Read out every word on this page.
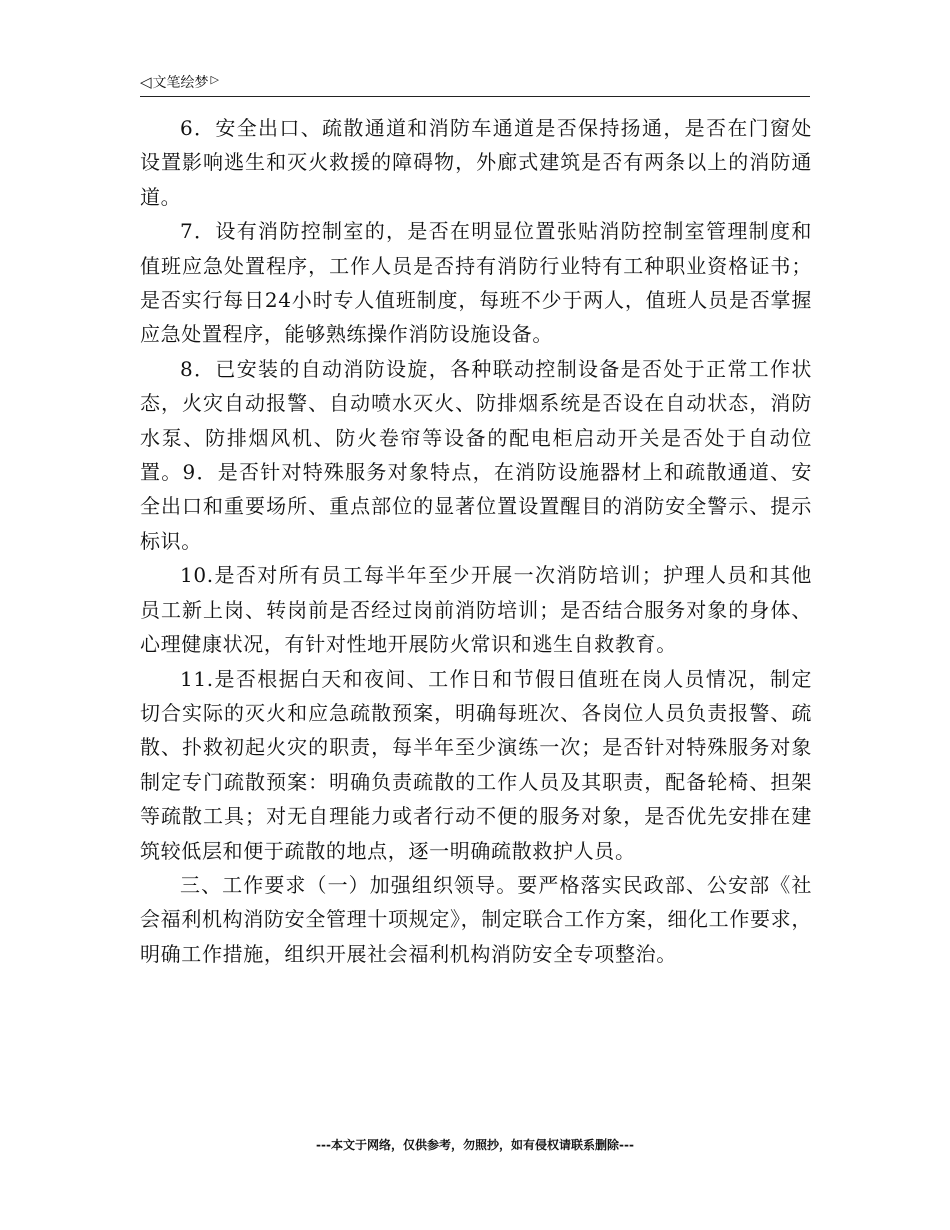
◁ 文笔绘梦 ▷

6．安全出口、疏散通道和消防车通道是否保持扬通，是否在门窗处设置影响逃生和灭火救援的障碍物，外廊式建筑是否有两条以上的消防通道。

7．设有消防控制室的，是否在明显位置张贴消防控制室管理制度和值班应急处置程序，工作人员是否持有消防行业特有工种职业资格证书；是否实行每日24小时专人值班制度，每班不少于两人，值班人员是否掌握应急处置程序，能够熟练操作消防设施设备。

8．已安装的自动消防设旋，各种联动控制设备是否处于正常工作状态，火灾自动报警、自动喷水灭火、防排烟系统是否设在自动状态，消防水泵、防排烟风机、防火卷帘等设备的配电柜启动开关是否处于自动位置。9．是否针对特殊服务对象特点，在消防设施器材上和疏散通道、安全出口和重要场所、重点部位的显著位置设置醒目的消防安全警示、提示标识。

10.是否对所有员工每半年至少开展一次消防培训；护理人员和其他员工新上岗、转岗前是否经过岗前消防培训；是否结合服务对象的身体、心理健康状况，有针对性地开展防火常识和逃生自救教育。

11.是否根据白天和夜间、工作日和节假日值班在岗人员情况，制定切合实际的灭火和应急疏散预案，明确每班次、各岗位人员负责报警、疏散、扑救初起火灾的职责，每半年至少演练一次；是否针对特殊服务对象制定专门疏散预案：明确负责疏散的工作人员及其职责，配备轮椅、担架等疏散工具；对无自理能力或者行动不便的服务对象，是否优先安排在建筑较低层和便于疏散的地点，逐一明确疏散救护人员。

三、工作要求（一）加强组织领导。要严格落实民政部、公安部《社会福利机构消防安全管理十项规定》，制定联合工作方案，细化工作要求，明确工作措施，组织开展社会福利机构消防安全专项整治。

---本文于网络，仅供参考，勿照抄，如有侵权请联系删除---
